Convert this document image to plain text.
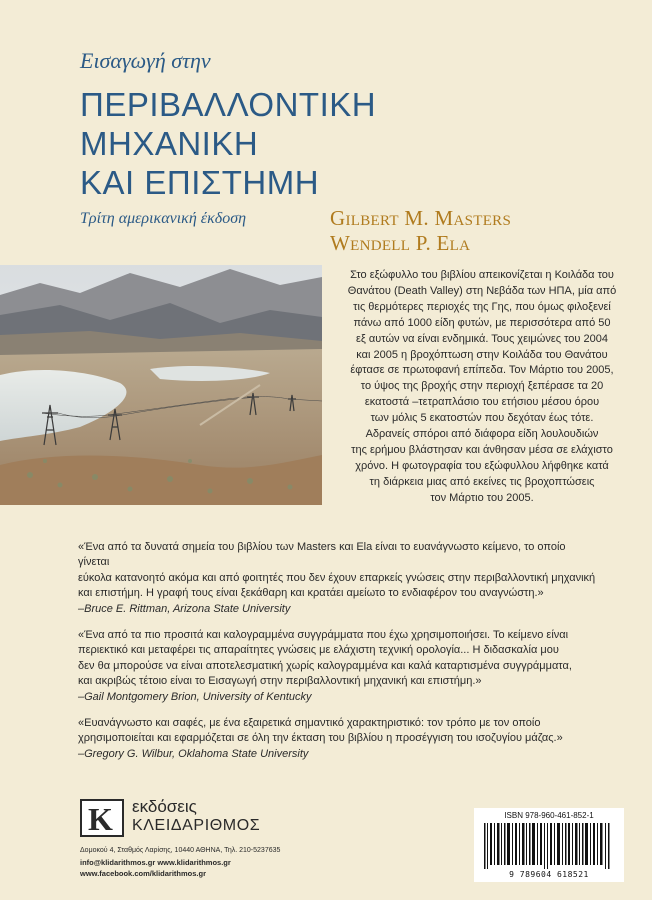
Εισαγωγή στην
ΠΕΡΙΒΑΛΛΟΝΤΙΚΗ
ΜΗΧΑΝΙΚΗ
ΚΑΙ ΕΠΙΣΤΗΜΗ
Τρίτη αμερικανική έκδοση	Gilbert M. Masters
Wendell P. Ela
Στο εξώφυλλο του βιβλίου απεικονίζεται η Κοιλάδα του
Θανάτου (Death Valley) στη Νεβάδα των ΗΠΑ, μία από
τις θερμότερες περιοχές της Γης, που όμως φιλοξενεί
πάνω από 1000 είδη φυτών, με περισσότερα από 50
εξ αυτών να είναι ενδημικά. Τους χειμώνες του 2004
και 2005 η βροχόπτωση στην Κοιλάδα του Θανάτου
έφτασε σε πρωτοφανή επίπεδα. Τον Μάρτιο του 2005,
το ύψος της βροχής στην περιοχή ξεπέρασε τα 20
εκατοστά –τετραπλάσιο του ετήσιου μέσου όρου
των μόλις 5 εκατοστών που δεχόταν έως τότε.
Αδρανείς σπόροι από διάφορα είδη λουλουδιών
της ερήμου βλάστησαν και άνθησαν μέσα σε ελάχιστο
χρόνο. Η φωτογραφία του εξώφυλλου λήφθηκε κατά
τη διάρκεια μιας από εκείνες τις βροχοπτώσεις
τον Μάρτιο του 2005.

«Ένα από τα δυνατά σημεία του βιβλίου των Masters και Ela είναι το ευανάγνωστο κείμενο, το οποίο γίνεται

εύκολα κατανοητό ακόμα και από φοιτητές που δεν έχουν επαρκείς γνώσεις στην περιβαλλοντική μηχανική

και επιστήμη. Η γραφή τους είναι ξεκάθαρη και κρατάει αμείωτο το ενδιαφέρον του αναγνώστη.»

–Bruce E. Rittman, Arizona State University

«Ένα από τα πιο προσιτά και καλογραμμένα συγγράμματα που έχω χρησιμοποιήσει. Το κείμενο είναι

περιεκτικό και μεταφέρει τις απαραίτητες γνώσεις με ελάχιστη τεχνική ορολογία... Η διδασκαλία μου

δεν θα μπορούσε να είναι αποτελεσματική χωρίς καλογραμμένα και καλά καταρτισμένα συγγράμματα,

και ακριβώς τέτοιο είναι το Εισαγωγή στην περιβαλλοντική μηχανική και επιστήμη.»

–Gail Montgomery Brion, University of Kentucky

«Ευανάγνωστο και σαφές, με ένα εξαιρετικά σημαντικό χαρακτηριστικό: τον τρόπο με τον οποίο

χρησιμοποιείται και εφαρμόζεται σε όλη την έκταση του βιβλίου η προσέγγιση του ισοζυγίου μάζας.»

–Gregory G. Wilbur, Oklahoma State University

K εκδόσεις
ΚΛΕΙΔΑΡΙΘΜΟΣ
Δομοκού 4, Σταθμός Λαρίσης, 10440 ΑΘΗΝΑ, Τηλ. 210-5237635
info@klidarithmos.gr www.klidarithmos.gr
www.facebook.com/klidarithmos.gr
ISBN 978-960-461-852-1
9 789604 618521
